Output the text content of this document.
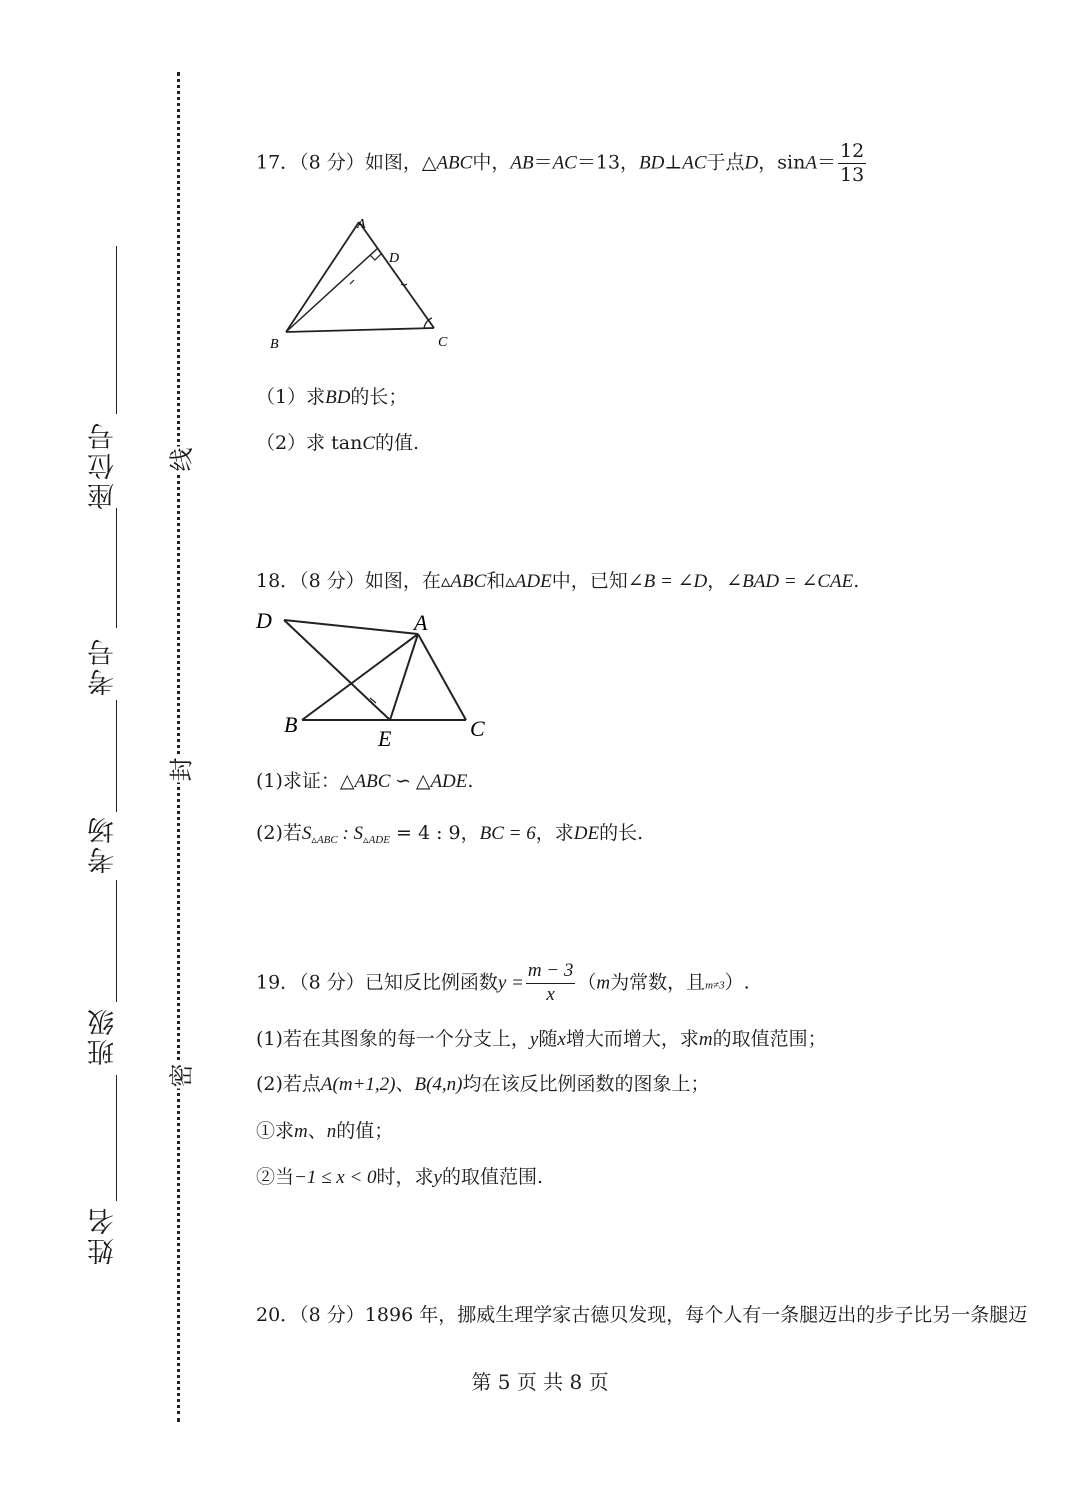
座位号
考号
考场
班级
姓名
线
封
密
17．（8 分）如图，△ABC中，AB＝AC＝13，BD⊥AC于点D，$\sin A= \frac{12}{13}$
A
B	C
D
（1）求BD的长；
（2）求 tanC的值.
18．（8 分）如图，在▵ABC和▵ADE中，已知∠B = ∠D，∠BAD = ∠CAE.
D	A
B
E	C
(1)求证：△ABC ∽ △ADE.
(2)若$S_{▵ABC}$ : $S_{▵ADE} = 4$ : 9，BC = 6，求DE的长.
19．（8 分）已知反比例函数$y = \frac{m - 3}{x} (m$为常数，且m≠3）.
(1)若在其图象的每一个分支上，y随x增大而增大，求m的取值范围；
(2)若点A(m+1,2)、B(4,n)均在该反比例函数的图象上；
①求m、n的值；
②当−1 ≤ x < 0时，求y的取值范围.
20．（8 分）1896 年，挪威生理学家古德贝发现，每个人有一条腿迈出的步子比另一条腿迈
第 5 页 共 8 页
